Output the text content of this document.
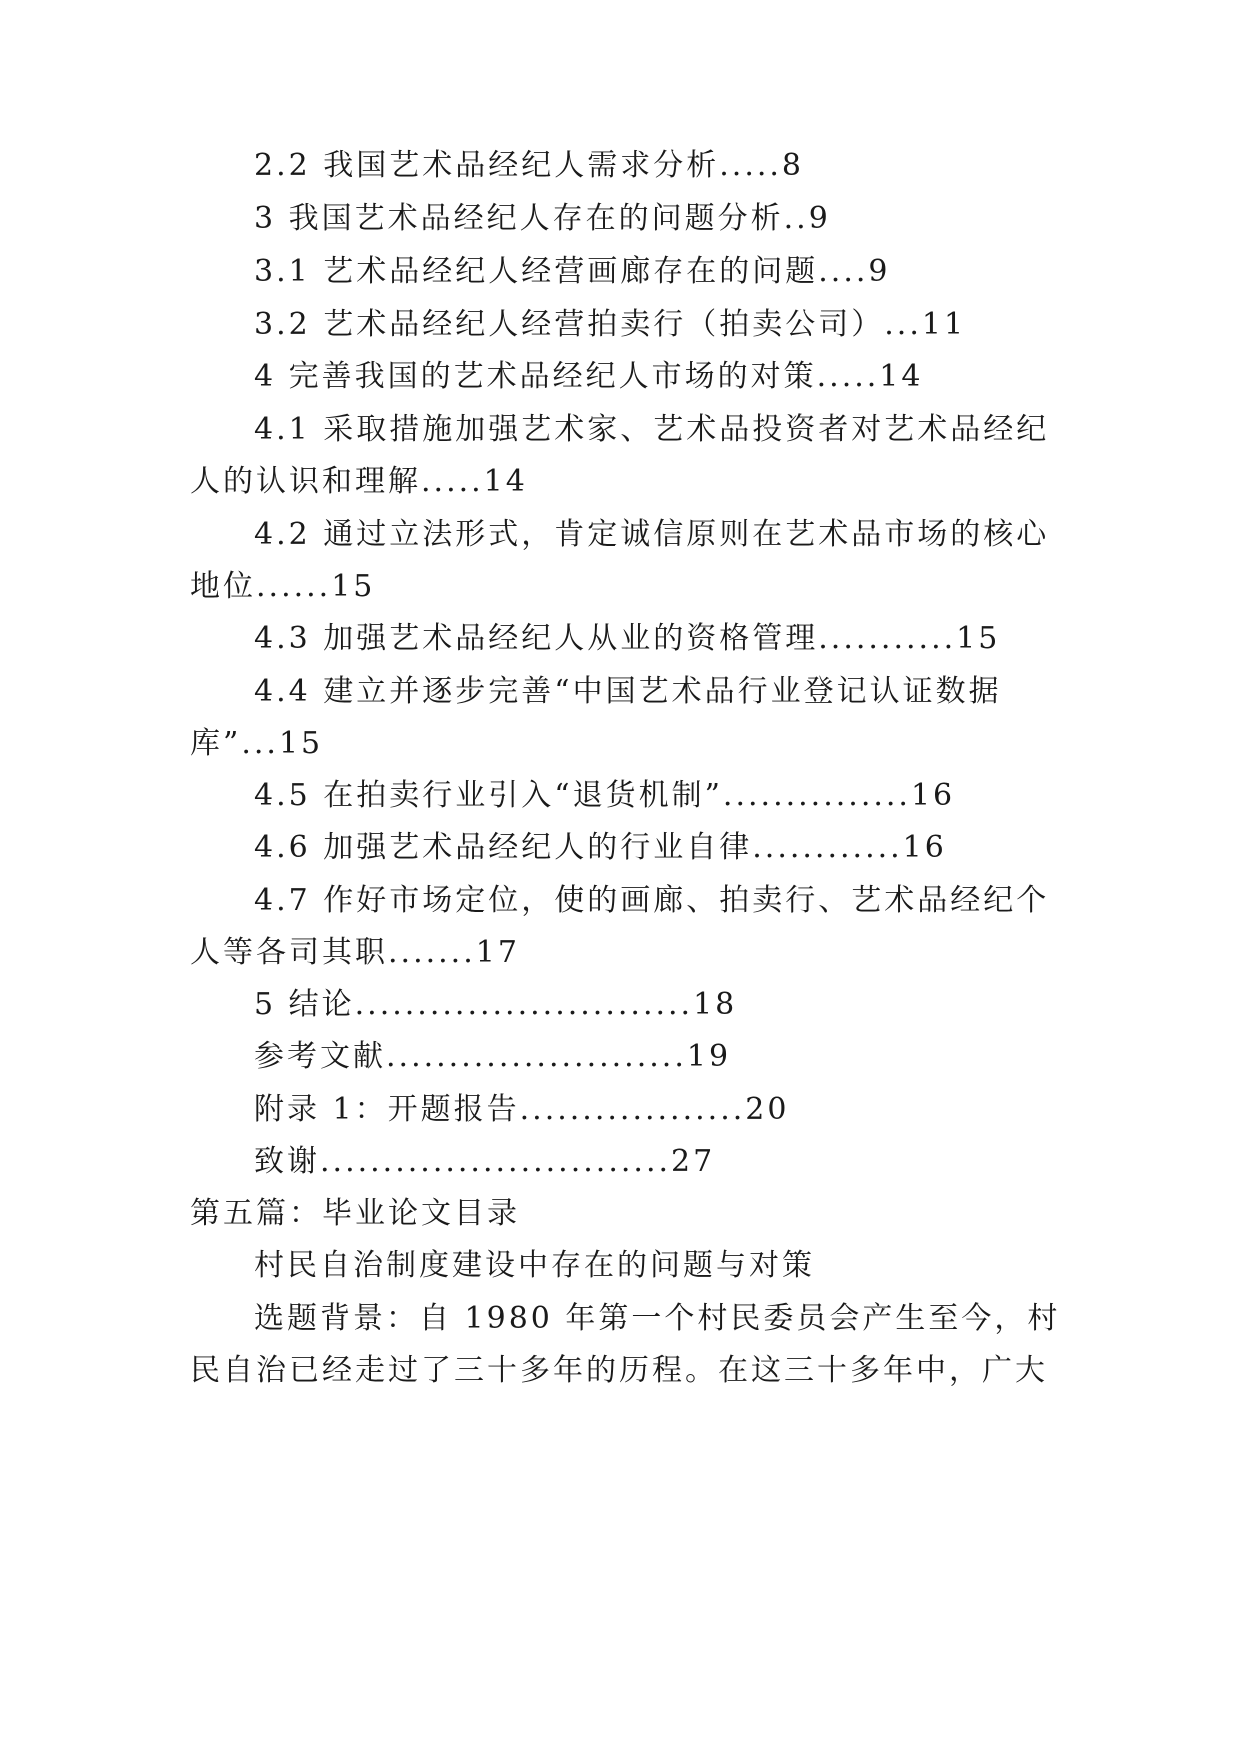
2.2 我国艺术品经纪人需求分析.....8
3 我国艺术品经纪人存在的问题分析..9
3.1 艺术品经纪人经营画廊存在的问题....9
3.2 艺术品经纪人经营拍卖行（拍卖公司）...11
4 完善我国的艺术品经纪人市场的对策.....14
4.1 采取措施加强艺术家、艺术品投资者对艺术品经纪
人的认识和理解.....14
4.2 通过立法形式，肯定诚信原则在艺术品市场的核心
地位......15
4.3 加强艺术品经纪人从业的资格管理...........15
4.4 建立并逐步完善“中国艺术品行业登记认证数据
库”...15
4.5 在拍卖行业引入“退货机制”...............16
4.6 加强艺术品经纪人的行业自律............16
4.7 作好市场定位，使的画廊、拍卖行、艺术品经纪个
人等各司其职.......17
5 结论...........................18
参考文献........................19
附录 1：开题报告..................20
致谢............................27
第五篇：毕业论文目录
村民自治制度建设中存在的问题与对策
选题背景：自 1980 年第一个村民委员会产生至今，村
民自治已经走过了三十多年的历程。在这三十多年中，广大
